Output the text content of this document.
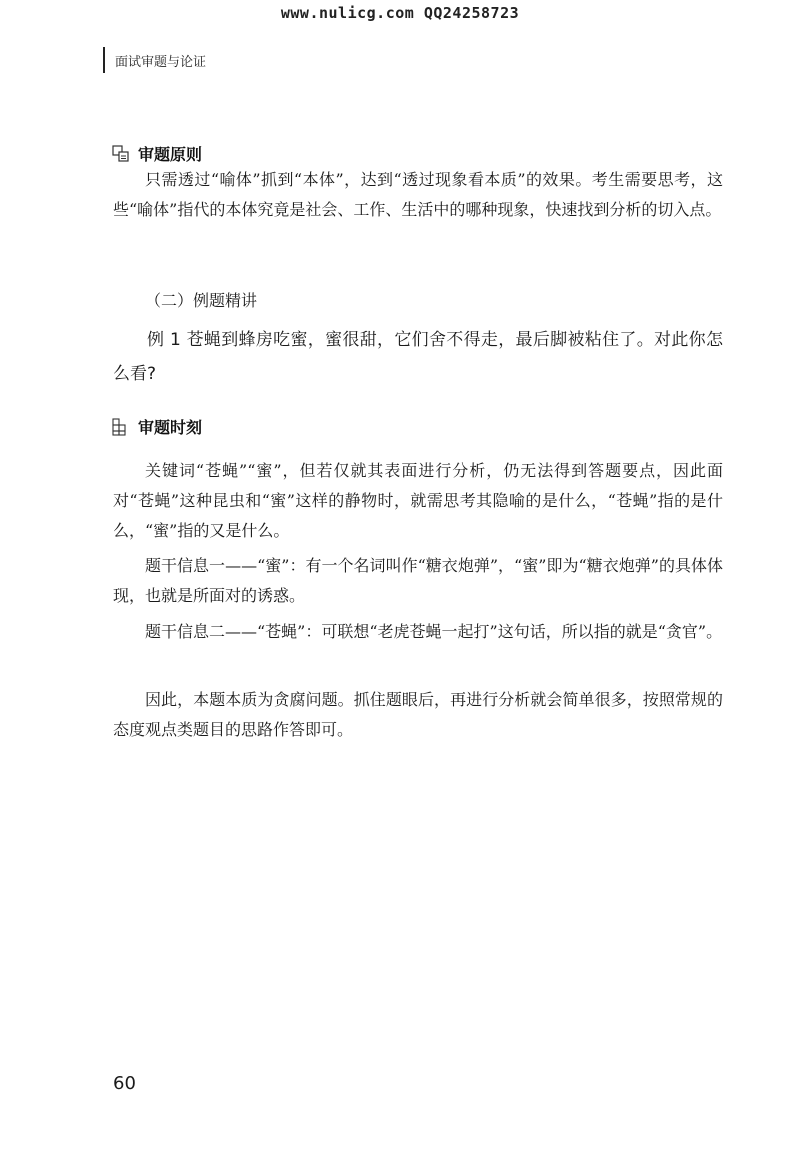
www.nulicg.com QQ24258723
面试审题与论证
审题原则

只需透过“喻体”抓到“本体”，达到“透过现象看本质”的效果。考生需要思考，这些“喻体”指代的本体究竟是社会、工作、生活中的哪种现象，快速找到分析的切入点。

（二）例题精讲

例 1 苍蝇到蜂房吃蜜，蜜很甜，它们舍不得走，最后脚被粘住了。对此你怎么看?

审题时刻

关键词“苍蝇”“蜜”，但若仅就其表面进行分析，仍无法得到答题要点，因此面对“苍蝇”这种昆虫和“蜜”这样的静物时，就需思考其隐喻的是什么，“苍蝇”指的是什么，“蜜”指的又是什么。

题干信息一——“蜜”：有一个名词叫作“糖衣炮弹”，“蜜”即为“糖衣炮弹”的具体体现，也就是所面对的诱惑。

题干信息二——“苍蝇”：可联想“老虎苍蝇一起打”这句话，所以指的就是“贪官”。

因此，本题本质为贪腐问题。抓住题眼后，再进行分析就会简单很多，按照常规的态度观点类题目的思路作答即可。

60
